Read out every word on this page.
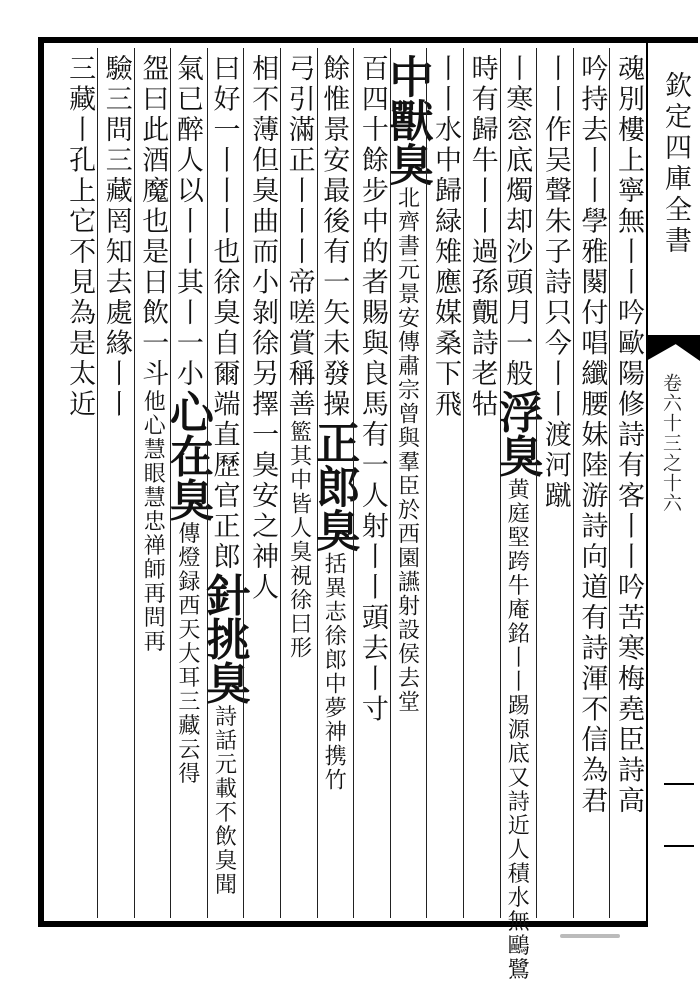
欽定四庫全書
卷六十三之十六
魂別樓上寧無丨丨吟歐陽修詩有客丨丨吟苦寒梅堯臣詩高
吟持去丨丨學雅闋付唱纖腰妹陸游詩向道有詩渾不信為君
丨丨作吴聲朱子詩只今丨丨渡河蹴
丨寒窓底燭却沙頭月一般浮臭黄庭堅跨牛庵銘丨丨踢源底又詩近人積水無鷗鷺
時有歸牛丨丨過孫覿詩老牯
丨丨水中歸緑雉應媒桑下飛
中獸臭北齊書元景安傳肅宗曾與羣臣於西園讌射設侯去堂
百四十餘步中的者賜與良馬有一人射丨丨頭去丨寸
餘惟景安最後有一矢未發操正郎臭括異志徐郎中夢神携竹
弓引滿正丨丨丨帝嗟賞稱善籃其中皆人臭視徐曰形
相不薄但臭曲而小剝徐另擇一臭安之神人
曰好一丨丨丨也徐臭自爾端直歷官正郎針挑臭詩話元載不飲臭聞
氣已醉人以丨丨其丨一小心在臭傳燈録西天大耳三藏云得
盌曰此酒魔也是日飲一斗他心慧眼慧忠禅師再問再
驗三問三藏罔知去處緣丨丨
三藏丨孔上它不見為是太近
